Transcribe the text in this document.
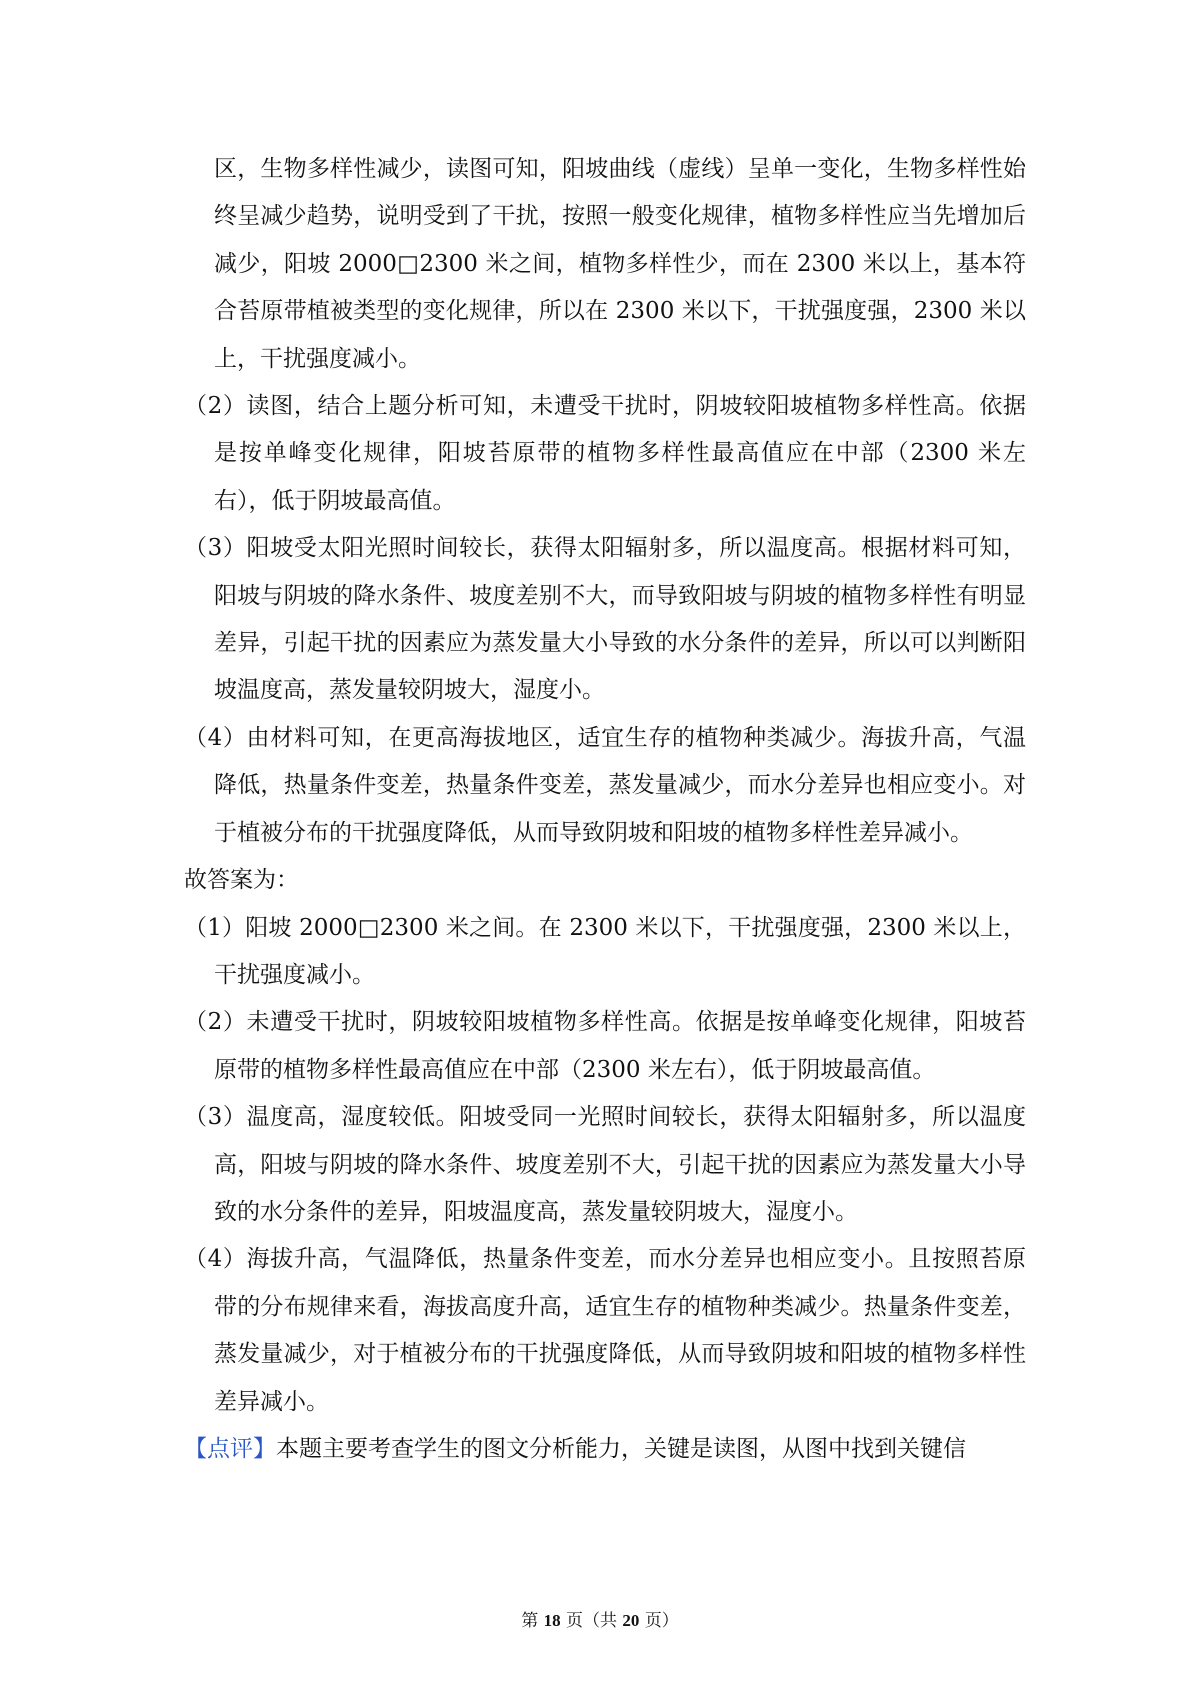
区，生物多样性减少，读图可知，阳坡曲线（虚线）呈单一变化，生物多样性始终呈减少趋势，说明受到了干扰，按照一般变化规律，植物多样性应当先增加后减少，阳坡 2000□2300 米之间，植物多样性少，而在 2300 米以上，基本符合苔原带植被类型的变化规律，所以在 2300 米以下，干扰强度强，2300 米以上，干扰强度减小。

（2）读图，结合上题分析可知，未遭受干扰时，阴坡较阳坡植物多样性高。依据是按单峰变化规律，阳坡苔原带的植物多样性最高值应在中部（2300 米左右），低于阴坡最高值。

（3）阳坡受太阳光照时间较长，获得太阳辐射多，所以温度高。根据材料可知，阳坡与阴坡的降水条件、坡度差别不大，而导致阳坡与阴坡的植物多样性有明显差异，引起干扰的因素应为蒸发量大小导致的水分条件的差异，所以可以判断阳坡温度高，蒸发量较阴坡大，湿度小。

（4）由材料可知，在更高海拔地区，适宜生存的植物种类减少。海拔升高，气温降低，热量条件变差，热量条件变差，蒸发量减少，而水分差异也相应变小。对于植被分布的干扰强度降低，从而导致阴坡和阳坡的植物多样性差异减小。

故答案为：

（1）阳坡 2000□2300 米之间。在 2300 米以下，干扰强度强，2300 米以上，干扰强度减小。

（2）未遭受干扰时，阴坡较阳坡植物多样性高。依据是按单峰变化规律，阳坡苔原带的植物多样性最高值应在中部（2300 米左右），低于阴坡最高值。

（3）温度高，湿度较低。阳坡受同一光照时间较长，获得太阳辐射多，所以温度高，阳坡与阴坡的降水条件、坡度差别不大，引起干扰的因素应为蒸发量大小导致的水分条件的差异，阳坡温度高，蒸发量较阴坡大，湿度小。

（4）海拔升高，气温降低，热量条件变差，而水分差异也相应变小。且按照苔原带的分布规律来看，海拔高度升高，适宜生存的植物种类减少。热量条件变差，蒸发量减少，对于植被分布的干扰强度降低，从而导致阴坡和阳坡的植物多样性差异减小。

【点评】本题主要考查学生的图文分析能力，关键是读图，从图中找到关键信

第 18 页（共 20 页）
